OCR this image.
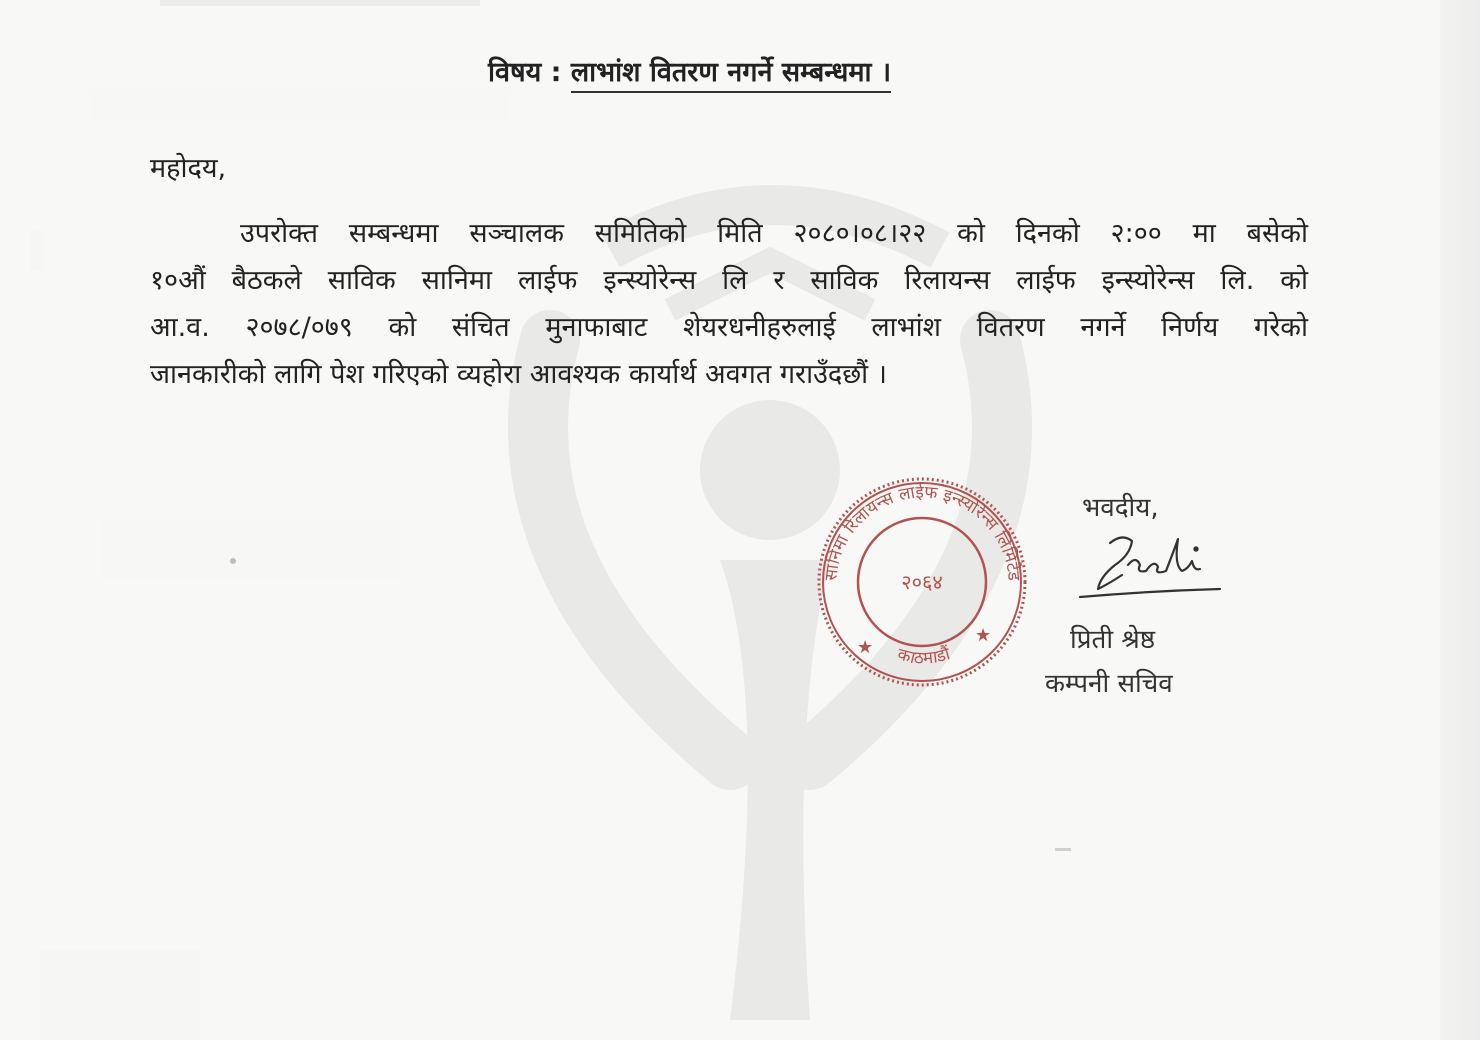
विषय : लाभांश वितरण नगर्ने सम्बन्धमा ।
महोदय,
उपरोक्त सम्बन्धमा सञ्चालक समितिको मिति २०८०।०८।२२ को दिनको २:०० मा बसेको
१०औं बैठकले साविक सानिमा लाईफ इन्स्योरेन्स लि र साविक रिलायन्स लाईफ इन्स्योरेन्स लि. को
आ.व. २०७८/०७९ को संचित मुनाफाबाट शेयरधनीहरुलाई लाभांश वितरण नगर्ने निर्णय गरेको
जानकारीको लागि पेश गरिएको व्यहोरा आवश्यक कार्यार्थ अवगत गराउँदछौं ।
सानिमा रिलायन्स लाईफ इन्स्योरेन्स लिमिटेड
२०६४
★
★
काठमाडौं
भवदीय,
प्रिती श्रेष्ठ
कम्पनी सचिव
